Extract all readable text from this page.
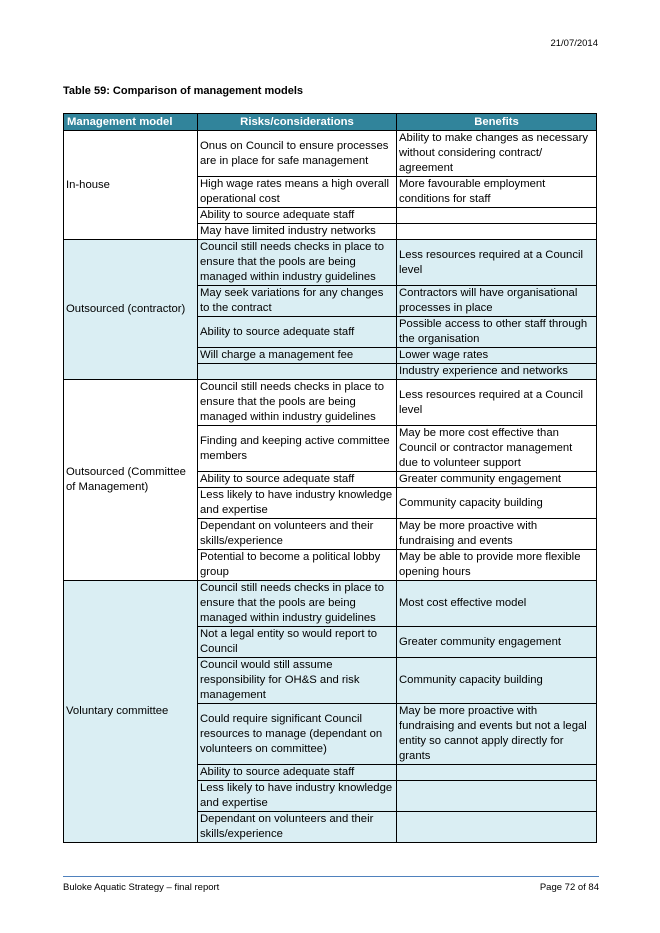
21/07/2014
Table 59: Comparison of management models
Management model	Risks/considerations	Benefits
In-house	Onus on Council to ensure processes are in place for safe management	Ability to make changes as necessary without considering contract/ agreement
	High wage rates means a high overall operational cost	More favourable employment conditions for staff
	Ability to source adequate staff	
	May have limited industry networks	
Outsourced (contractor)	Council still needs checks in place to ensure that the pools are being managed within industry guidelines	Less resources required at a Council level
	May seek variations for any changes to the contract	Contractors will have organisational processes in place
	Ability to source adequate staff	Possible access to other staff through the organisation
	Will charge a management fee	Lower wage rates
		Industry experience and networks
Outsourced (Committee of Management)	Council still needs checks in place to ensure that the pools are being managed within industry guidelines	Less resources required at a Council level
	Finding and keeping active committee members	May be more cost effective than Council or contractor management due to volunteer support
	Ability to source adequate staff	Greater community engagement
	Less likely to have industry knowledge and expertise	Community capacity building
	Dependant on volunteers and their skills/experience	May be more proactive with fundraising and events
	Potential to become a political lobby group	May be able to provide more flexible opening hours
Voluntary committee	Council still needs checks in place to ensure that the pools are being managed within industry guidelines	Most cost effective model
	Not a legal entity so would report to Council	Greater community engagement
	Council would still assume responsibility for OH&S and risk management	Community capacity building
	Could require significant Council resources to manage (dependant on volunteers on committee)	May be more proactive with fundraising and events but not a legal entity so cannot apply directly for grants
	Ability to source adequate staff	
	Less likely to have industry knowledge and expertise	
	Dependant on volunteers and their skills/experience	
Buloke Aquatic Strategy – final report	Page 72 of 84
